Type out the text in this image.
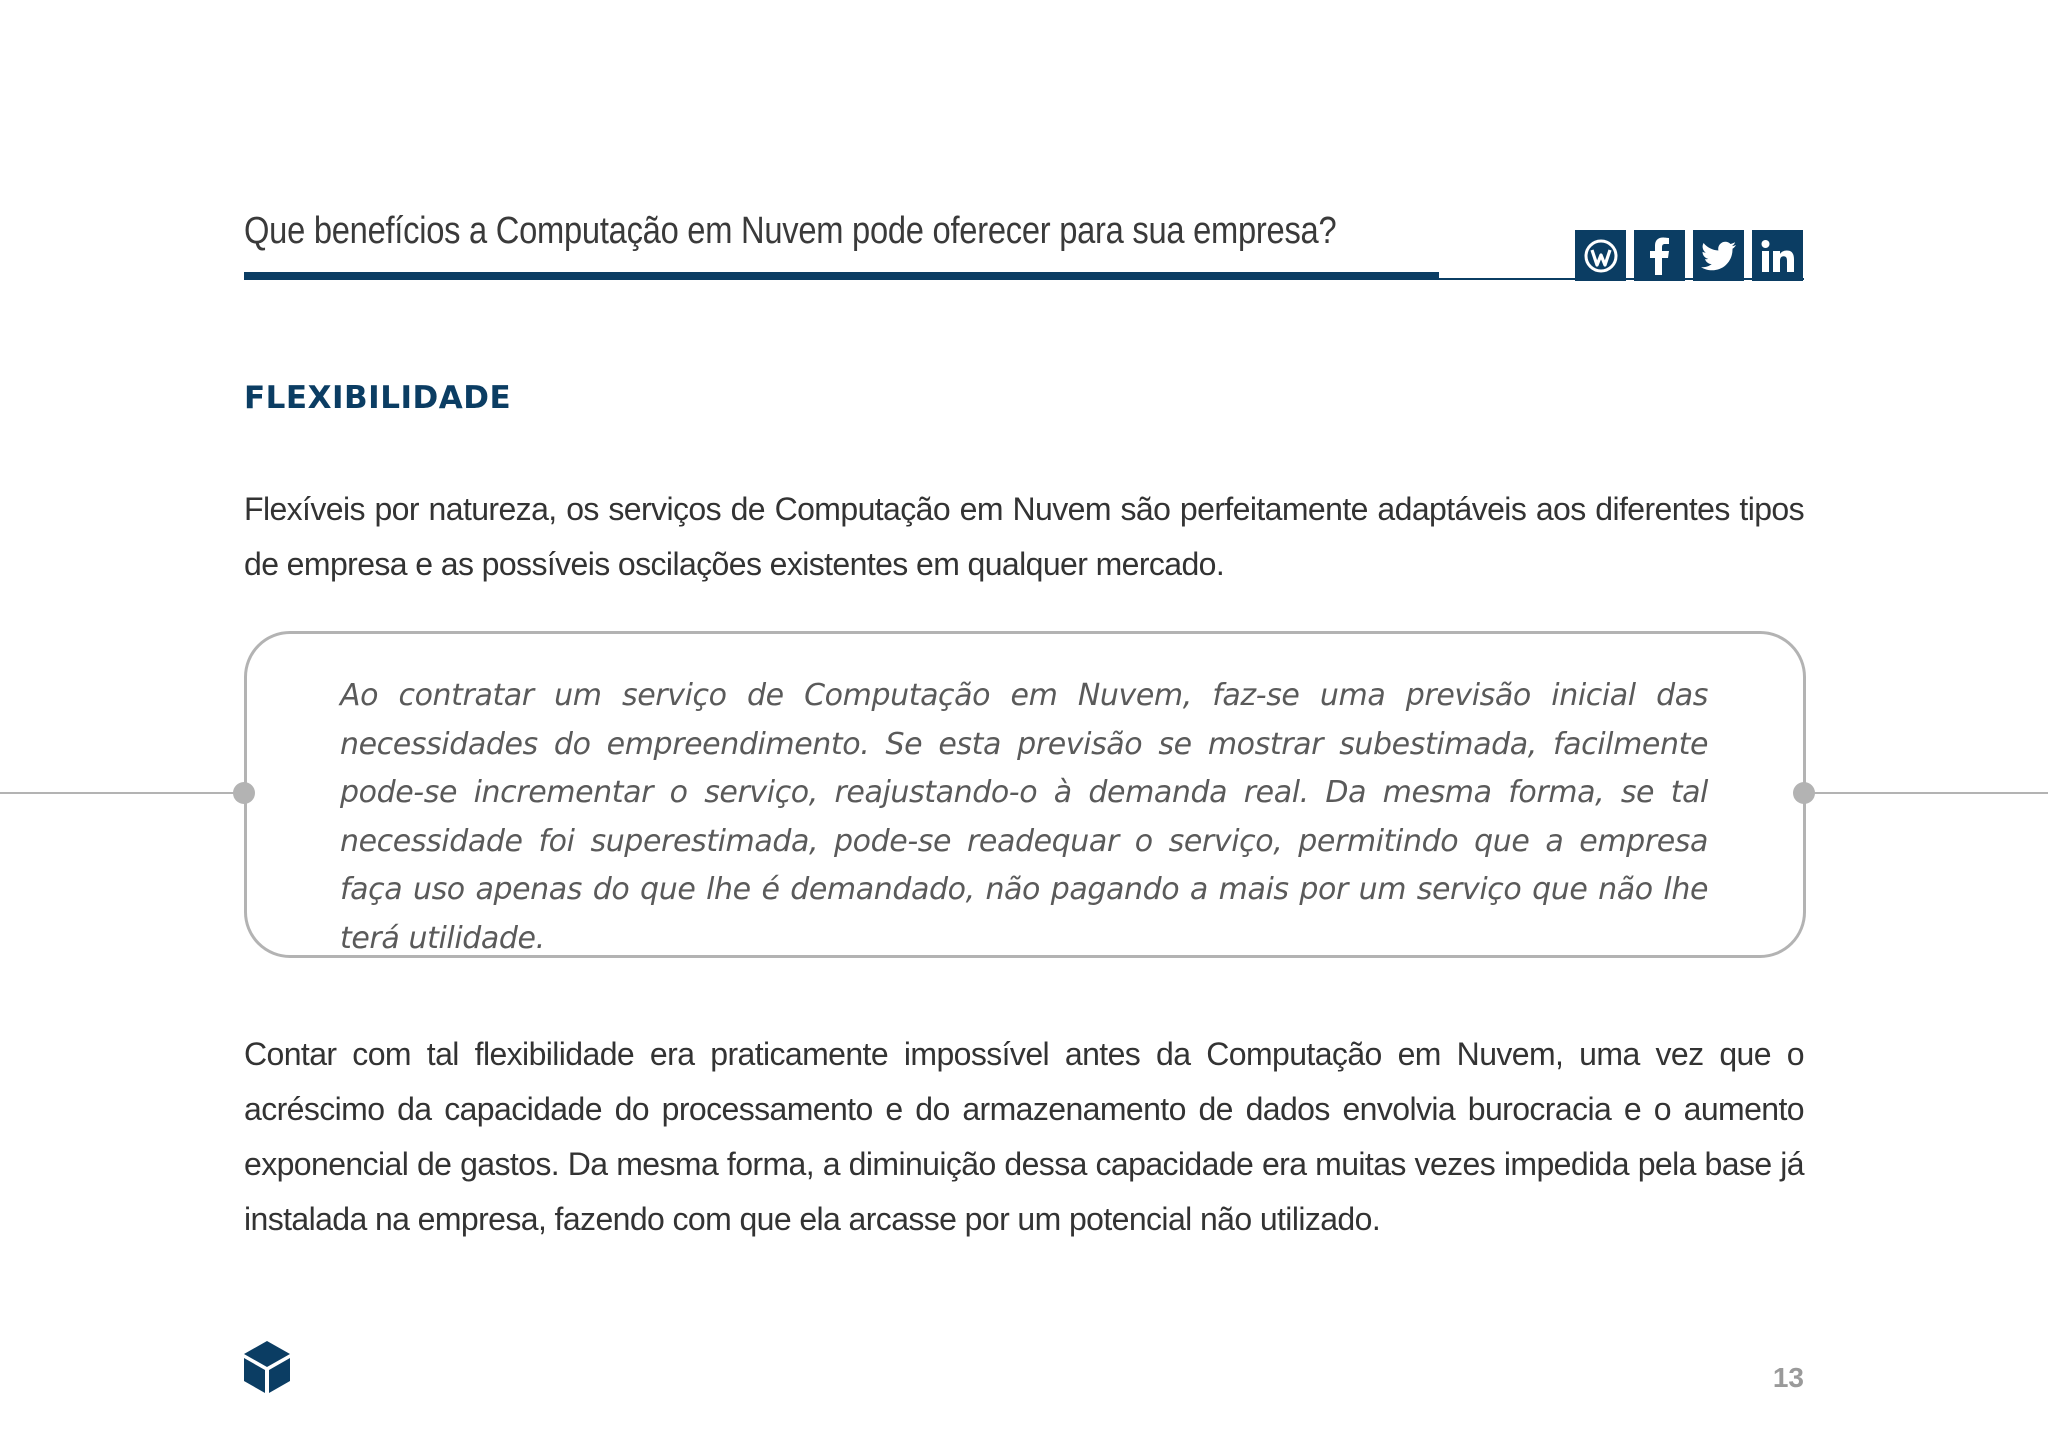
Que benefícios a Computação em Nuvem pode oferecer para sua empresa?
FLEXIBILIDADE
Flexíveis por natureza, os serviços de Computação em Nuvem são perfeitamente adaptáveis aos diferentes tipos de empresa e as possíveis oscilações existentes em qualquer mercado.
Ao contratar um serviço de Computação em Nuvem, faz-se uma previsão inicial das necessidades do empreendimento. Se esta previsão se mostrar subestimada, facilmente pode-se incrementar o serviço, reajustando-o à demanda real. Da mesma forma, se tal necessidade foi superestimada, pode-se readequar o serviço, permitindo que a empresa faça uso apenas do que lhe é demandado, não pagando a mais por um serviço que não lhe terá utilidade.
Contar com tal flexibilidade era praticamente impossível antes da Computação em Nuvem, uma vez que o acréscimo da capacidade do processamento e do armazenamento de dados envolvia burocracia e o aumento exponencial de gastos. Da mesma forma, a diminuição dessa capacidade era muitas vezes impedida pela base já instalada na empresa, fazendo com que ela arcasse por um potencial não utilizado.
13
